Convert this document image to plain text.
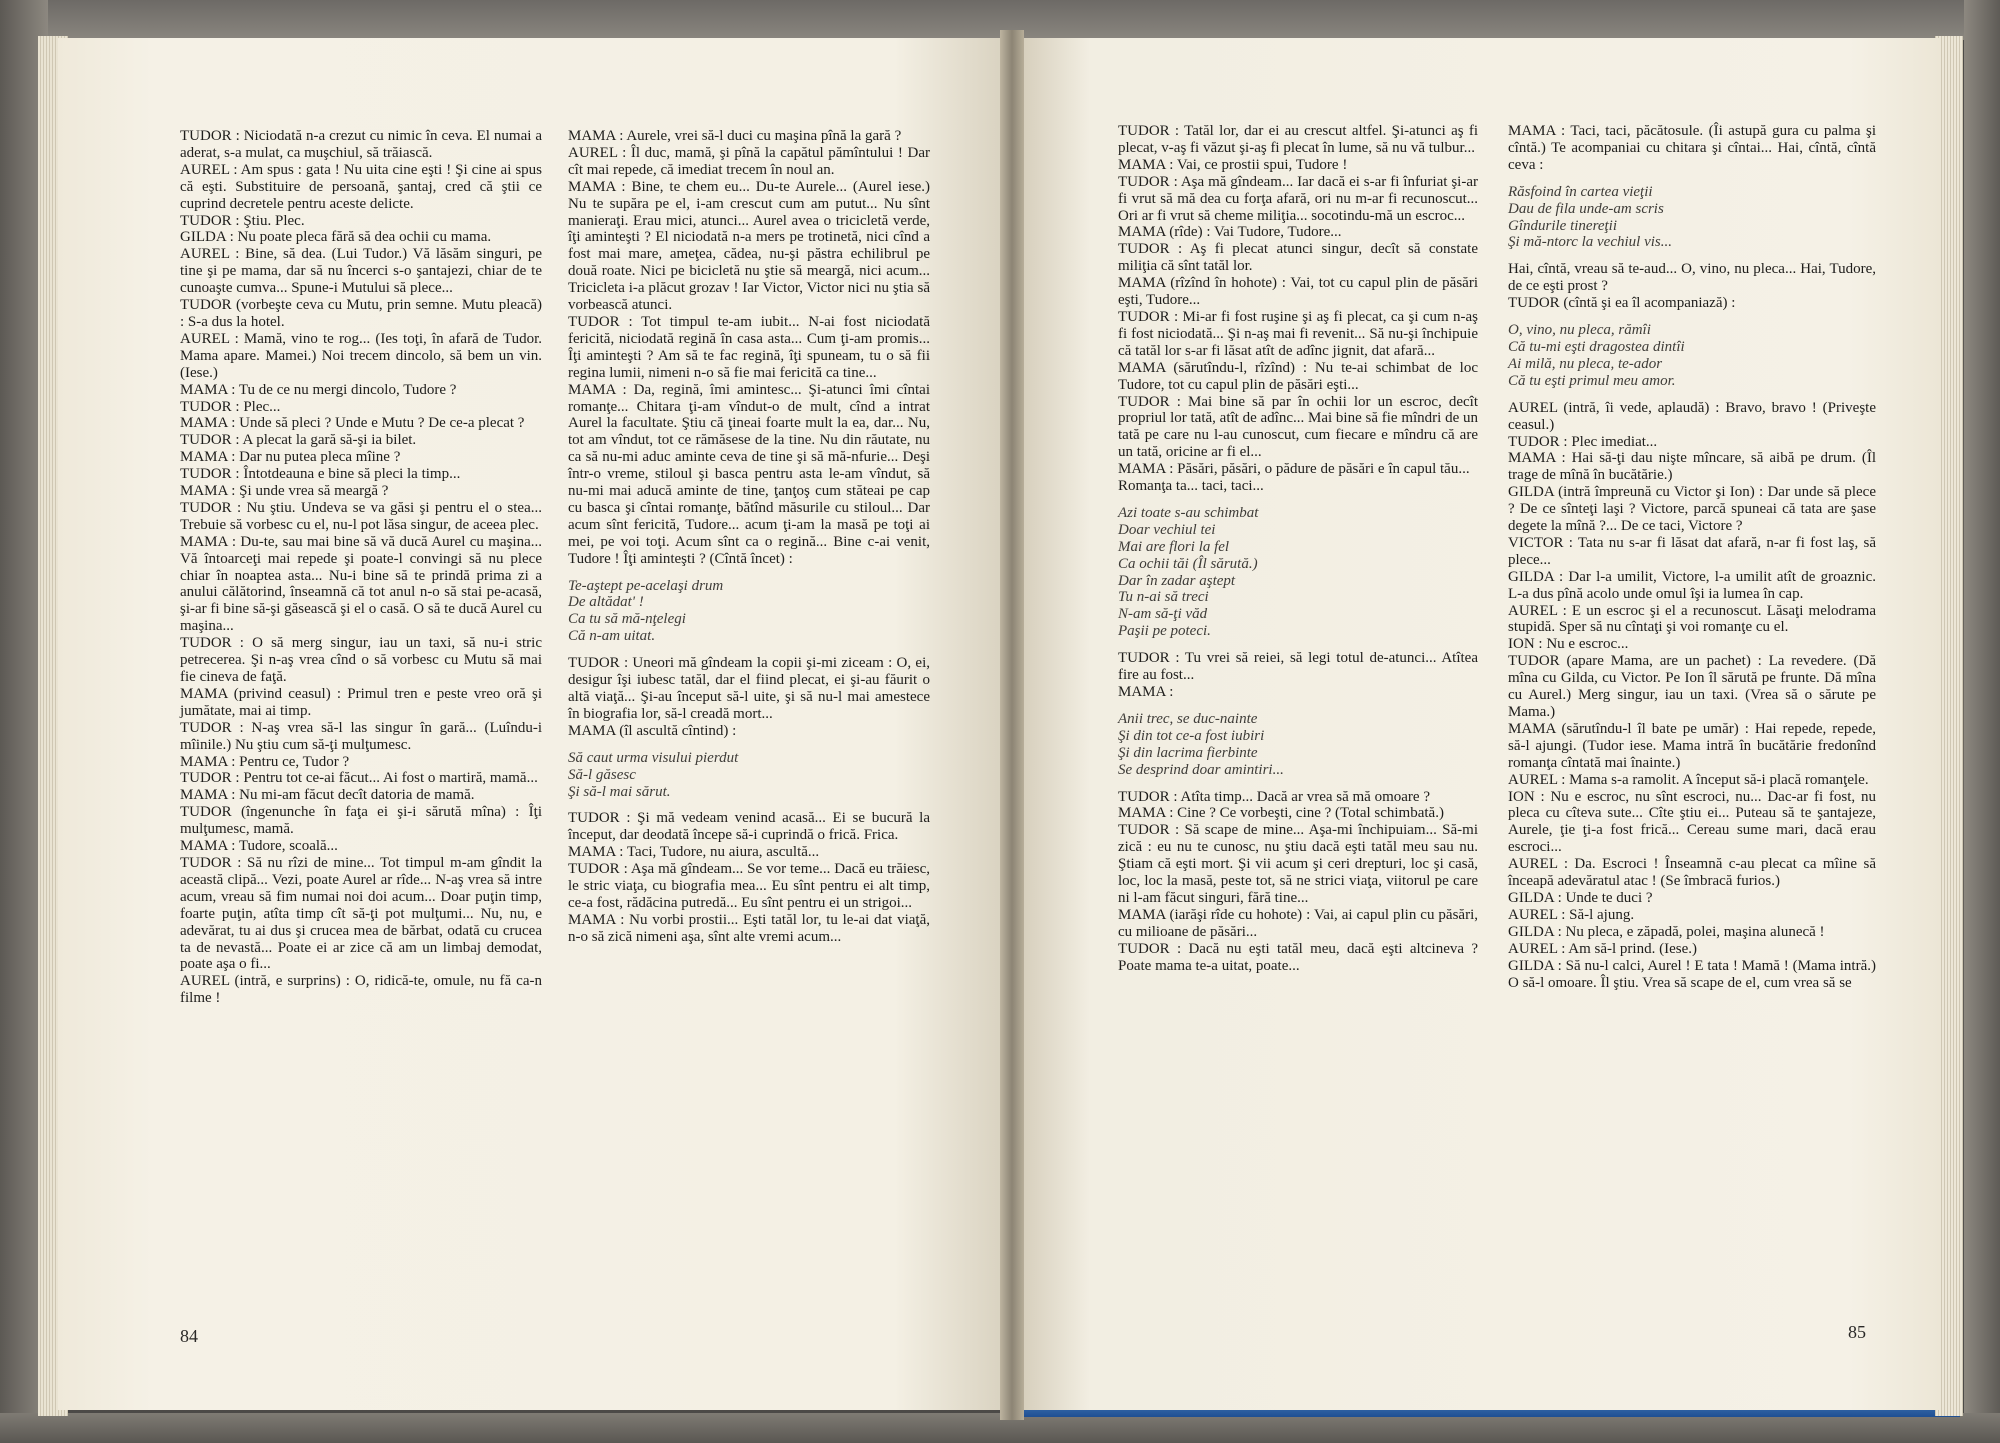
TUDOR : Niciodată n-a crezut cu nimic în ceva. El numai a aderat, s-a mulat, ca muşchiul, să trăiască.

AUREL : Am spus : gata ! Nu uita cine eşti ! Şi cine ai spus că eşti. Substituire de persoană, şantaj, cred că ştii ce cuprind decretele pentru aceste delicte.

TUDOR : Ştiu. Plec.

GILDA : Nu poate pleca fără să dea ochii cu mama.

AUREL : Bine, să dea. (Lui Tudor.) Vă lăsăm singuri, pe tine şi pe mama, dar să nu încerci s-o şantajezi, chiar de te cunoaşte cumva... Spune-i Mutului să plece...

TUDOR (vorbeşte ceva cu Mutu, prin semne. Mutu pleacă) : S-a dus la hotel.

AUREL : Mamă, vino te rog... (Ies toţi, în afară de Tudor. Mama apare. Mamei.) Noi trecem dincolo, să bem un vin. (Iese.)

MAMA : Tu de ce nu mergi dincolo, Tudore ?

TUDOR : Plec...

MAMA : Unde să pleci ? Unde e Mutu ? De ce-a plecat ?

TUDOR : A plecat la gară să-şi ia bilet.

MAMA : Dar nu putea pleca mîine ?

TUDOR : Întotdeauna e bine să pleci la timp...

MAMA : Şi unde vrea să meargă ?

TUDOR : Nu ştiu. Undeva se va găsi şi pentru el o stea... Trebuie să vorbesc cu el, nu-l pot lăsa singur, de aceea plec.

MAMA : Du-te, sau mai bine să vă ducă Aurel cu maşina... Vă întoarceţi mai repede şi poate-l convingi să nu plece chiar în noaptea asta... Nu-i bine să te prindă prima zi a anului călătorind, înseamnă că tot anul n-o să stai pe-acasă, şi-ar fi bine să-şi găsească şi el o casă. O să te ducă Aurel cu maşina...

TUDOR : O să merg singur, iau un taxi, să nu-i stric petrecerea. Şi n-aş vrea cînd o să vorbesc cu Mutu să mai fie cineva de faţă.

MAMA (privind ceasul) : Primul tren e peste vreo oră şi jumătate, mai ai timp.

TUDOR : N-aş vrea să-l las singur în gară... (Luîndu-i mîinile.) Nu ştiu cum să-ţi mulţumesc.

MAMA : Pentru ce, Tudor ?

TUDOR : Pentru tot ce-ai făcut... Ai fost o martiră, mamă...

MAMA : Nu mi-am făcut decît datoria de mamă.

TUDOR (îngenunche în faţa ei şi-i sărută mîna) : Îţi mulţumesc, mamă.

MAMA : Tudore, scoală...

TUDOR : Să nu rîzi de mine... Tot timpul m-am gîndit la această clipă... Vezi, poate Aurel ar rîde... N-aş vrea să intre acum, vreau să fim numai noi doi acum... Doar puţin timp, foarte puţin, atîta timp cît să-ţi pot mulţumi... Nu, nu, e adevărat, tu ai dus şi crucea mea de bărbat, odată cu crucea ta de nevastă... Poate ei ar zice că am un limbaj demodat, poate aşa o fi...

AUREL (intră, e surprins) : O, ridică-te, omule, nu fă ca-n filme !

MAMA : Aurele, vrei să-l duci cu maşina pînă la gară ?

AUREL : Îl duc, mamă, şi pînă la capătul pămîntului ! Dar cît mai repede, că imediat trecem în noul an.

MAMA : Bine, te chem eu... Du-te Aurele... (Aurel iese.) Nu te supăra pe el, i-am crescut cum am putut... Nu sînt manieraţi. Erau mici, atunci... Aurel avea o tricicletă verde, îţi aminteşti ? El niciodată n-a mers pe trotinetă, nici cînd a fost mai mare, ameţea, cădea, nu-şi păstra echilibrul pe două roate. Nici pe bicicletă nu ştie să meargă, nici acum... Tricicleta i-a plăcut grozav ! Iar Victor, Victor nici nu ştia să vorbească atunci.

TUDOR : Tot timpul te-am iubit... N-ai fost niciodată fericită, niciodată regină în casa asta... Cum ţi-am promis... Îţi aminteşti ? Am să te fac regină, îţi spuneam, tu o să fii regina lumii, nimeni n-o să fie mai fericită ca tine...

MAMA : Da, regină, îmi amintesc... Şi-atunci îmi cîntai romanţe... Chitara ţi-am vîndut-o de mult, cînd a intrat Aurel la facultate. Ştiu că ţineai foarte mult la ea, dar... Nu, tot am vîndut, tot ce rămăsese de la tine. Nu din răutate, nu ca să nu-mi aduc aminte ceva de tine şi să mă-nfurie... Deşi într-o vreme, stiloul şi basca pentru asta le-am vîndut, să nu-mi mai aducă aminte de tine, ţanţoş cum stăteai pe cap cu basca şi cîntai romanţe, bătînd măsurile cu stiloul... Dar acum sînt fericită, Tudore... acum ţi-am la masă pe toţi ai mei, pe voi toţi. Acum sînt ca o regină... Bine c-ai venit, Tudore ! Îţi aminteşti ? (Cîntă încet) :

Te-aştept pe-acelaşi drum
De altădat' !
Ca tu să mă-nţelegi
Că n-am uitat.

TUDOR : Uneori mă gîndeam la copii şi-mi ziceam : O, ei, desigur îşi iubesc tatăl, dar el fiind plecat, ei şi-au făurit o altă viaţă... Şi-au început să-l uite, şi să nu-l mai amestece în biografia lor, să-l creadă mort...

MAMA (îl ascultă cîntind) :

Să caut urma visului pierdut
Să-l găsesc
Şi să-l mai sărut.

TUDOR : Şi mă vedeam venind acasă... Ei se bucură la început, dar deodată începe să-i cuprindă o frică. Frica.

MAMA : Taci, Tudore, nu aiura, ascultă...

TUDOR : Aşa mă gîndeam... Se vor teme... Dacă eu trăiesc, le stric viaţa, cu biografia mea... Eu sînt pentru ei alt timp, ce-a fost, rădăcina putredă... Eu sînt pentru ei un strigoi...

MAMA : Nu vorbi prostii... Eşti tatăl lor, tu le-ai dat viaţă, n-o să zică nimeni aşa, sînt alte vremi acum...

84

TUDOR : Tatăl lor, dar ei au crescut altfel. Şi-atunci aş fi plecat, v-aş fi văzut şi-aş fi plecat în lume, să nu vă tulbur...

MAMA : Vai, ce prostii spui, Tudore !

TUDOR : Aşa mă gîndeam... Iar dacă ei s-ar fi înfuriat şi-ar fi vrut să mă dea cu forţa afară, ori nu m-ar fi recunoscut... Ori ar fi vrut să cheme miliţia... socotindu-mă un escroc...

MAMA (rîde) : Vai Tudore, Tudore...

TUDOR : Aş fi plecat atunci singur, decît să constate miliţia că sînt tatăl lor.

MAMA (rîzînd în hohote) : Vai, tot cu capul plin de păsări eşti, Tudore...

TUDOR : Mi-ar fi fost ruşine şi aş fi plecat, ca şi cum n-aş fi fost niciodată... Şi n-aş mai fi revenit... Să nu-şi închipuie că tatăl lor s-ar fi lăsat atît de adînc jignit, dat afară...

MAMA (sărutîndu-l, rîzînd) : Nu te-ai schimbat de loc Tudore, tot cu capul plin de păsări eşti...

TUDOR : Mai bine să par în ochii lor un escroc, decît propriul lor tată, atît de adînc... Mai bine să fie mîndri de un tată pe care nu l-au cunoscut, cum fiecare e mîndru că are un tată, oricine ar fi el...

MAMA : Păsări, păsări, o pădure de păsări e în capul tău...

Romanţa ta... taci, taci...

Azi toate s-au schimbat
Doar vechiul tei
Mai are flori la fel
Ca ochii tăi (Îl sărută.)
Dar în zadar aştept
Tu n-ai să treci
N-am să-ţi văd
Paşii pe poteci.

TUDOR : Tu vrei să reiei, să legi totul de-atunci... Atîtea fire au fost...

MAMA :

Anii trec, se duc-nainte
Şi din tot ce-a fost iubiri
Şi din lacrima fierbinte
Se desprind doar amintiri...

TUDOR : Atîta timp... Dacă ar vrea să mă omoare ?

MAMA : Cine ? Ce vorbeşti, cine ? (Total schimbată.)

TUDOR : Să scape de mine... Aşa-mi închipuiam... Să-mi zică : eu nu te cunosc, nu ştiu dacă eşti tatăl meu sau nu. Ştiam că eşti mort. Şi vii acum şi ceri drepturi, loc şi casă, loc, loc la masă, peste tot, să ne strici viaţa, viitorul pe care ni l-am făcut singuri, fără tine...

MAMA (iarăşi rîde cu hohote) : Vai, ai capul plin cu păsări, cu milioane de păsări...

TUDOR : Dacă nu eşti tatăl meu, dacă eşti altcineva ? Poate mama te-a uitat, poate...

MAMA : Taci, taci, păcătosule. (Îi astupă gura cu palma şi cîntă.) Te acompaniai cu chitara şi cîntai... Hai, cîntă, cîntă ceva :

Răsfoind în cartea vieţii
Dau de fila unde-am scris
Gîndurile tinereţii
Şi mă-ntorc la vechiul vis...

Hai, cîntă, vreau să te-aud... O, vino, nu pleca... Hai, Tudore, de ce eşti prost ?

TUDOR (cîntă şi ea îl acompaniază) :

O, vino, nu pleca, rămîi
Că tu-mi eşti dragostea dintîi
Ai milă, nu pleca, te-ador
Că tu eşti primul meu amor.

AUREL (intră, îi vede, aplaudă) : Bravo, bravo ! (Priveşte ceasul.)

TUDOR : Plec imediat...

MAMA : Hai să-ţi dau nişte mîncare, să aibă pe drum. (Îl trage de mînă în bucătărie.)

GILDA (intră împreună cu Victor şi Ion) : Dar unde să plece ? De ce sînteţi laşi ? Victore, parcă spuneai că tata are şase degete la mînă ?... De ce taci, Victore ?

VICTOR : Tata nu s-ar fi lăsat dat afară, n-ar fi fost laş, să plece...

GILDA : Dar l-a umilit, Victore, l-a umilit atît de groaznic. L-a dus pînă acolo unde omul îşi ia lumea în cap.

AUREL : E un escroc şi el a recunoscut. Lăsaţi melodrama stupidă. Sper să nu cîntaţi şi voi romanţe cu el.

ION : Nu e escroc...

TUDOR (apare Mama, are un pachet) : La revedere. (Dă mîna cu Gilda, cu Victor. Pe Ion îl sărută pe frunte. Dă mîna cu Aurel.) Merg singur, iau un taxi. (Vrea să o sărute pe Mama.)

MAMA (sărutîndu-l îl bate pe umăr) : Hai repede, repede, să-l ajungi. (Tudor iese. Mama intră în bucătărie fredonînd romanţa cîntată mai înainte.)

AUREL : Mama s-a ramolit. A început să-i placă romanţele.

ION : Nu e escroc, nu sînt escroci, nu... Dac-ar fi fost, nu pleca cu cîteva sute... Cîte ştiu ei... Puteau să te şantajeze, Aurele, ţie ţi-a fost frică... Cereau sume mari, dacă erau escroci...

AUREL : Da. Escroci ! Înseamnă c-au plecat ca mîine să înceapă adevăratul atac ! (Se îmbracă furios.)

GILDA : Unde te duci ?

AUREL : Să-l ajung.

GILDA : Nu pleca, e zăpadă, polei, maşina alunecă !

AUREL : Am să-l prind. (Iese.)

GILDA : Să nu-l calci, Aurel ! E tata ! Mamă ! (Mama intră.) O să-l omoare. Îl ştiu. Vrea să scape de el, cum vrea să se

85
